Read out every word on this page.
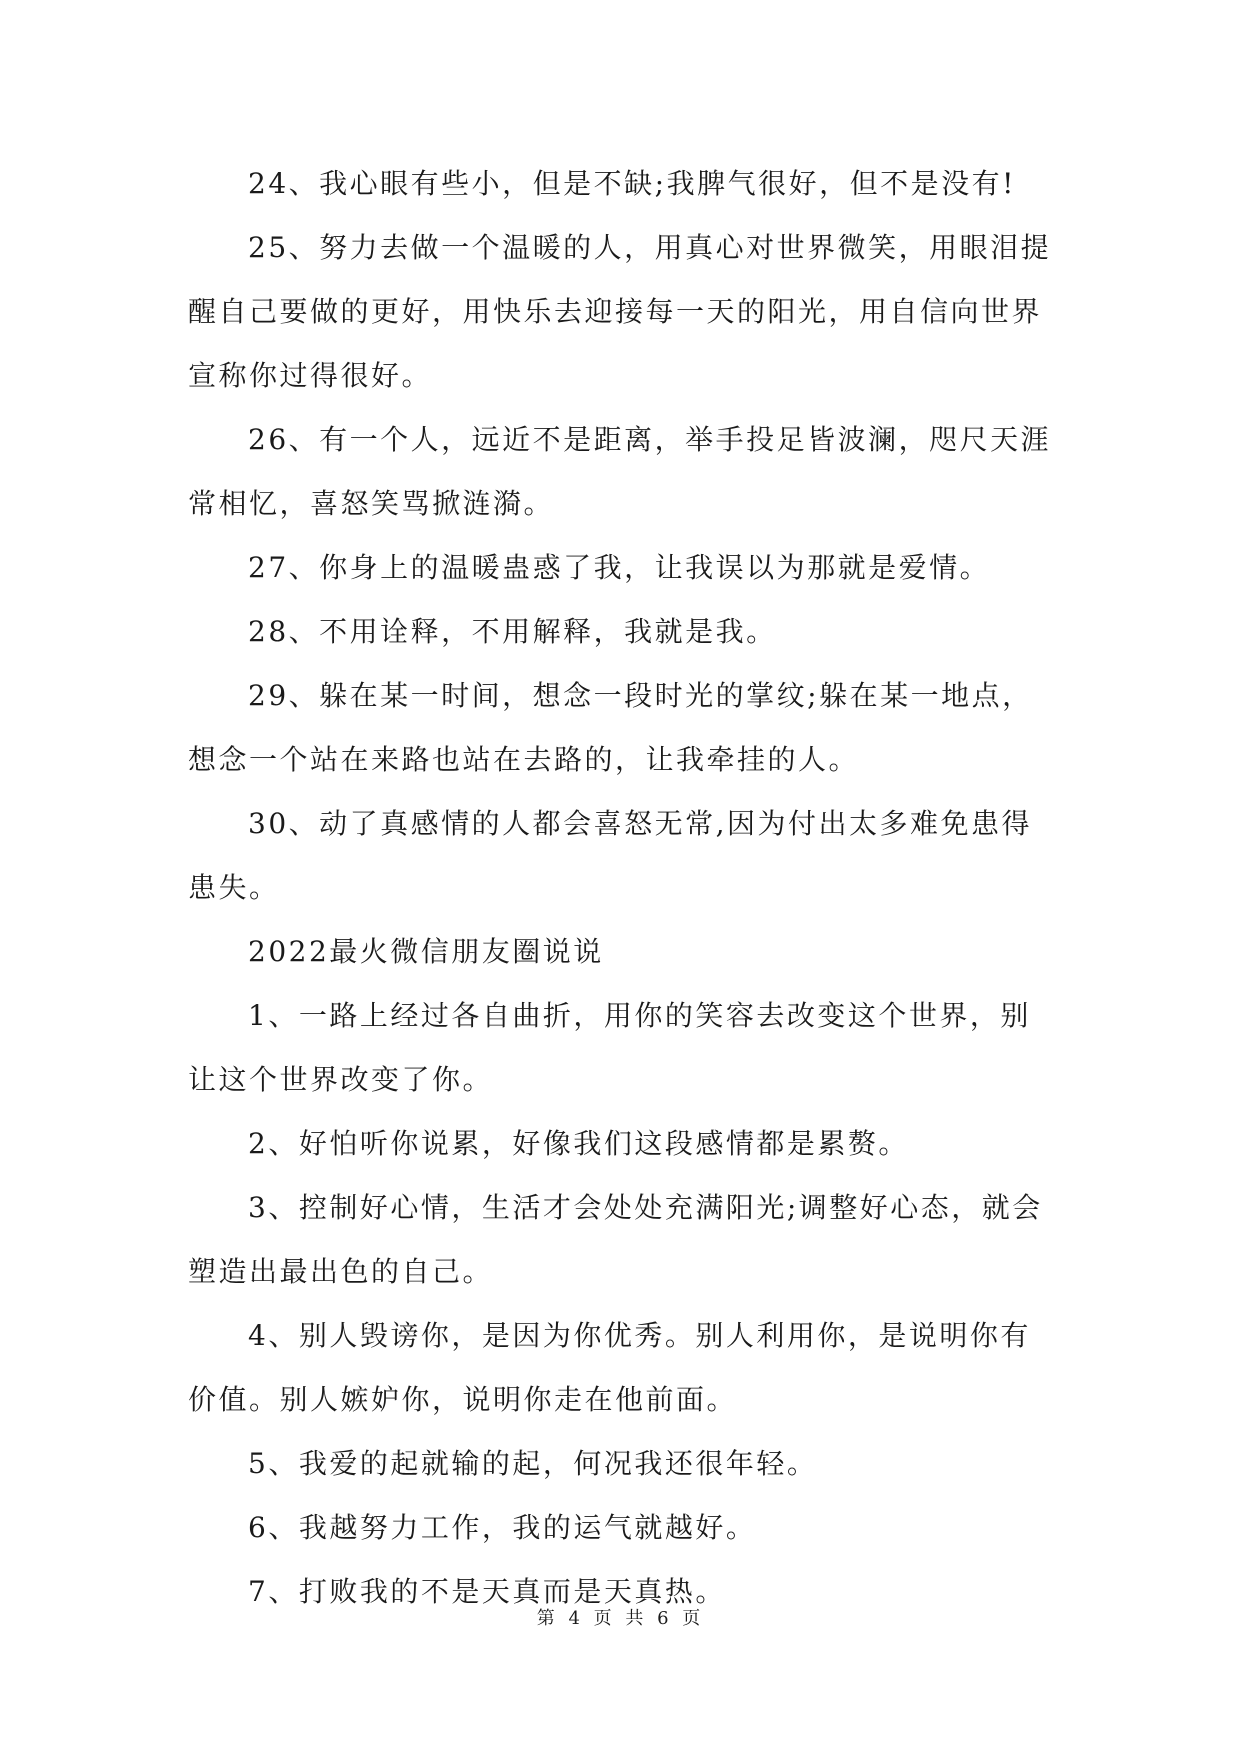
24、我心眼有些小，但是不缺;我脾气很好，但不是没有!

25、努力去做一个温暖的人，用真心对世界微笑，用眼泪提醒自己要做的更好，用快乐去迎接每一天的阳光，用自信向世界宣称你过得很好。

26、有一个人，远近不是距离，举手投足皆波澜，咫尺天涯常相忆，喜怒笑骂掀涟漪。

27、你身上的温暖蛊惑了我，让我误以为那就是爱情。

28、不用诠释，不用解释，我就是我。

29、躲在某一时间，想念一段时光的掌纹;躲在某一地点，想念一个站在来路也站在去路的，让我牵挂的人。

30、动了真感情的人都会喜怒无常,因为付出太多难免患得患失。

2022最火微信朋友圈说说

1、一路上经过各自曲折，用你的笑容去改变这个世界，别让这个世界改变了你。

2、好怕听你说累，好像我们这段感情都是累赘。

3、控制好心情，生活才会处处充满阳光;调整好心态，就会塑造出最出色的自己。

4、别人毁谤你，是因为你优秀。别人利用你，是说明你有价值。别人嫉妒你，说明你走在他前面。

5、我爱的起就输的起，何况我还很年轻。

6、我越努力工作，我的运气就越好。

7、打败我的不是天真而是天真热。

第 4 页 共 6 页
